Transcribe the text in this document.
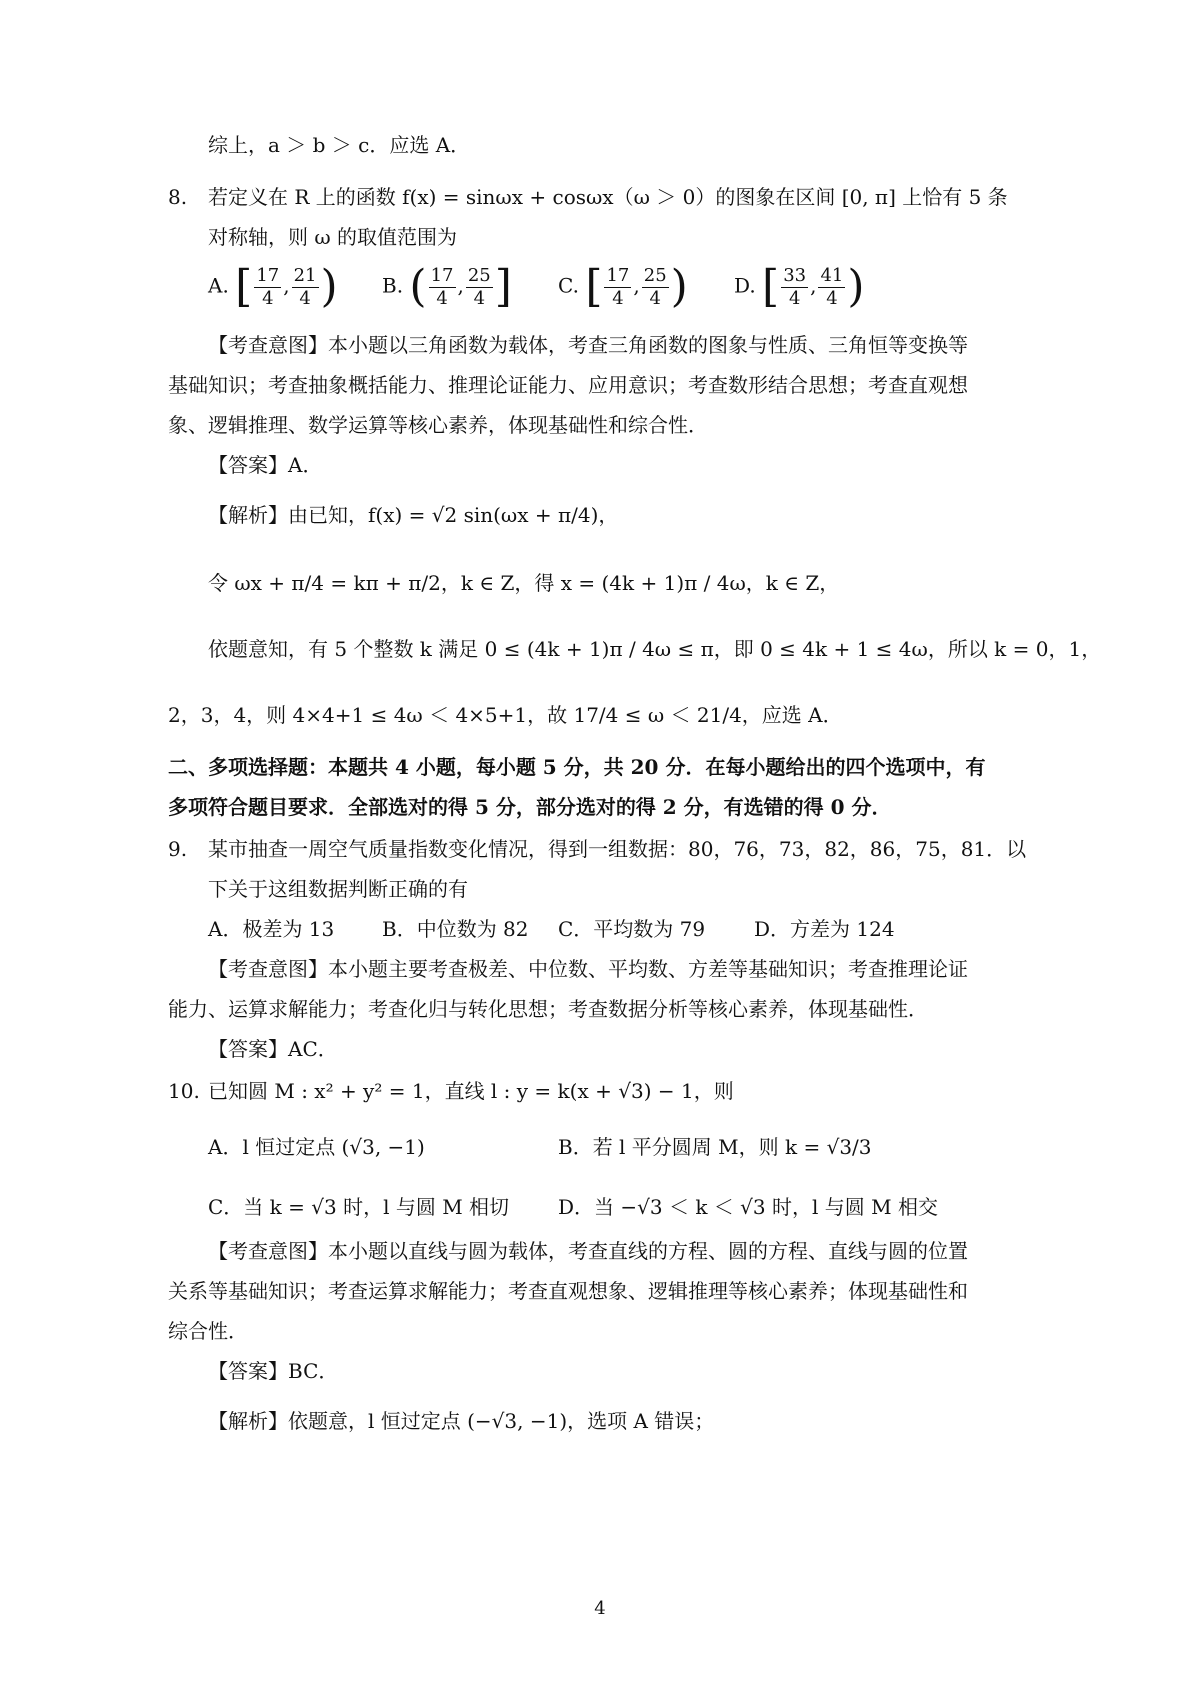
综上，a ＞ b ＞ c．应选 A．
8. 若定义在 R 上的函数 f(x) = sinωx + cosωx（ω ＞ 0）的图象在区间 [0, π] 上恰有 5 条
对称轴，则 ω 的取值范围为
A. [ $\frac{17}{4}$ , $\frac{21}{4}$ ) B. ( $\frac{17}{4}$ , $\frac{25}{4}$ ] C. [ $\frac{17}{4}$ , $\frac{25}{4}$ ) D. [ $\frac{33}{4}$ , $\frac{41}{4}$ )
【考查意图】本小题以三角函数为载体，考查三角函数的图象与性质、三角恒等变换等
基础知识；考查抽象概括能力、推理论证能力、应用意识；考查数形结合思想；考查直观想
象、逻辑推理、数学运算等核心素养，体现基础性和综合性．
【答案】A．
【解析】由已知，f(x) = √2 sin(ωx + π/4)，
令 ωx + π/4 = kπ + π/2，k ∈ Z，得 x = (4k + 1)π / 4ω，k ∈ Z，
依题意知，有 5 个整数 k 满足 0 ≤ (4k + 1)π / 4ω ≤ π，即 0 ≤ 4k + 1 ≤ 4ω，所以 k = 0，1，
2，3，4，则 4×4+1 ≤ 4ω ＜ 4×5+1，故 17/4 ≤ ω ＜ 21/4，应选 A．
二、多项选择题：本题共 4 小题，每小题 5 分，共 20 分．在每小题给出的四个选项中，有
多项符合题目要求．全部选对的得 5 分，部分选对的得 2 分，有选错的得 0 分．
9. 某市抽查一周空气质量指数变化情况，得到一组数据：80，76，73，82，86，75，81．以
下关于这组数据判断正确的有
A．极差为 13 B．中位数为 82 C．平均数为 79 D．方差为 124
【考查意图】本小题主要考查极差、中位数、平均数、方差等基础知识；考查推理论证
能力、运算求解能力；考查化归与转化思想；考查数据分析等核心素养，体现基础性．
【答案】AC．
10. 已知圆 M : x² + y² = 1，直线 l : y = k(x + √3) − 1，则
A．l 恒过定点 (√3, −1)	B．若 l 平分圆周 M，则 k = √3/3
C．当 k = √3 时，l 与圆 M 相切 D．当 −√3 ＜ k ＜ √3 时，l 与圆 M 相交
【考查意图】本小题以直线与圆为载体，考查直线的方程、圆的方程、直线与圆的位置
关系等基础知识；考查运算求解能力；考查直观想象、逻辑推理等核心素养；体现基础性和
综合性．
【答案】BC．
【解析】依题意，l 恒过定点 (−√3, −1)，选项 A 错误；
4
